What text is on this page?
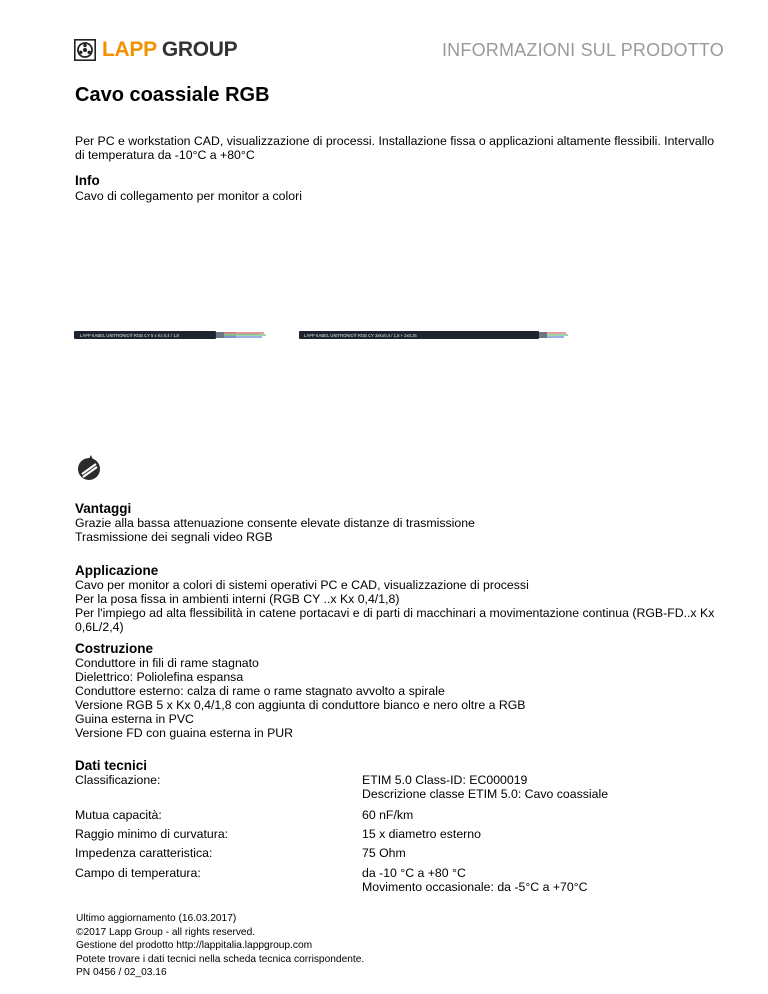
LAPP GROUP	INFORMAZIONI SUL PRODOTTO
Cavo coassiale RGB
Per PC e workstation CAD, visualizzazione di processi. Installazione fissa o applicazioni altamente flessibili. Intervallo di temperatura da -10°C a +80°C
Info
Cavo di collegamento per monitor a colori
LAPP KABEL UNITRONIC® RGB CY 5 x Kx 0,4 / 1,8	LAPP KABEL UNITRONIC® RGB CY 3xKx0,4 / 1,8 + 2x0,25
Vantaggi
Grazie alla bassa attenuazione consente elevate distanze di trasmissione
Trasmissione dei segnali video RGB
Applicazione
Cavo per monitor a colori di sistemi operativi PC e CAD, visualizzazione di processi
Per la posa fissa in ambienti interni (RGB CY ..x Kx 0,4/1,8)
Per l'impiego ad alta flessibilità in catene portacavi e di parti di macchinari a movimentazione continua (RGB-FD..x Kx 0,6L/2,4)
Costruzione
Conduttore in fili di rame stagnato
Dielettrico: Poliolefina espansa
Conduttore esterno: calza di rame o rame stagnato avvolto a spirale
Versione RGB 5 x Kx 0,4/1,8 con aggiunta di conduttore bianco e nero oltre a RGB
Guina esterna in PVC
Versione FD con guaina esterna in PUR
Dati tecnici
Classificazione:	ETIM 5.0 Class-ID: EC000019
Descrizione classe ETIM 5.0: Cavo coassiale
Mutua capacità:	60 nF/km
Raggio minimo di curvatura:	15 x diametro esterno
Impedenza caratteristica:	75 Ohm
Campo di temperatura:	da -10 °C a +80 °C
Movimento occasionale: da -5°C a +70°C
Ultimo aggiornamento (16.03.2017)
©2017 Lapp Group - all rights reserved.
Gestione del prodotto http://lappitalia.lappgroup.com
Potete trovare i dati tecnici nella scheda tecnica corrispondente.
PN 0456 / 02_03.16
